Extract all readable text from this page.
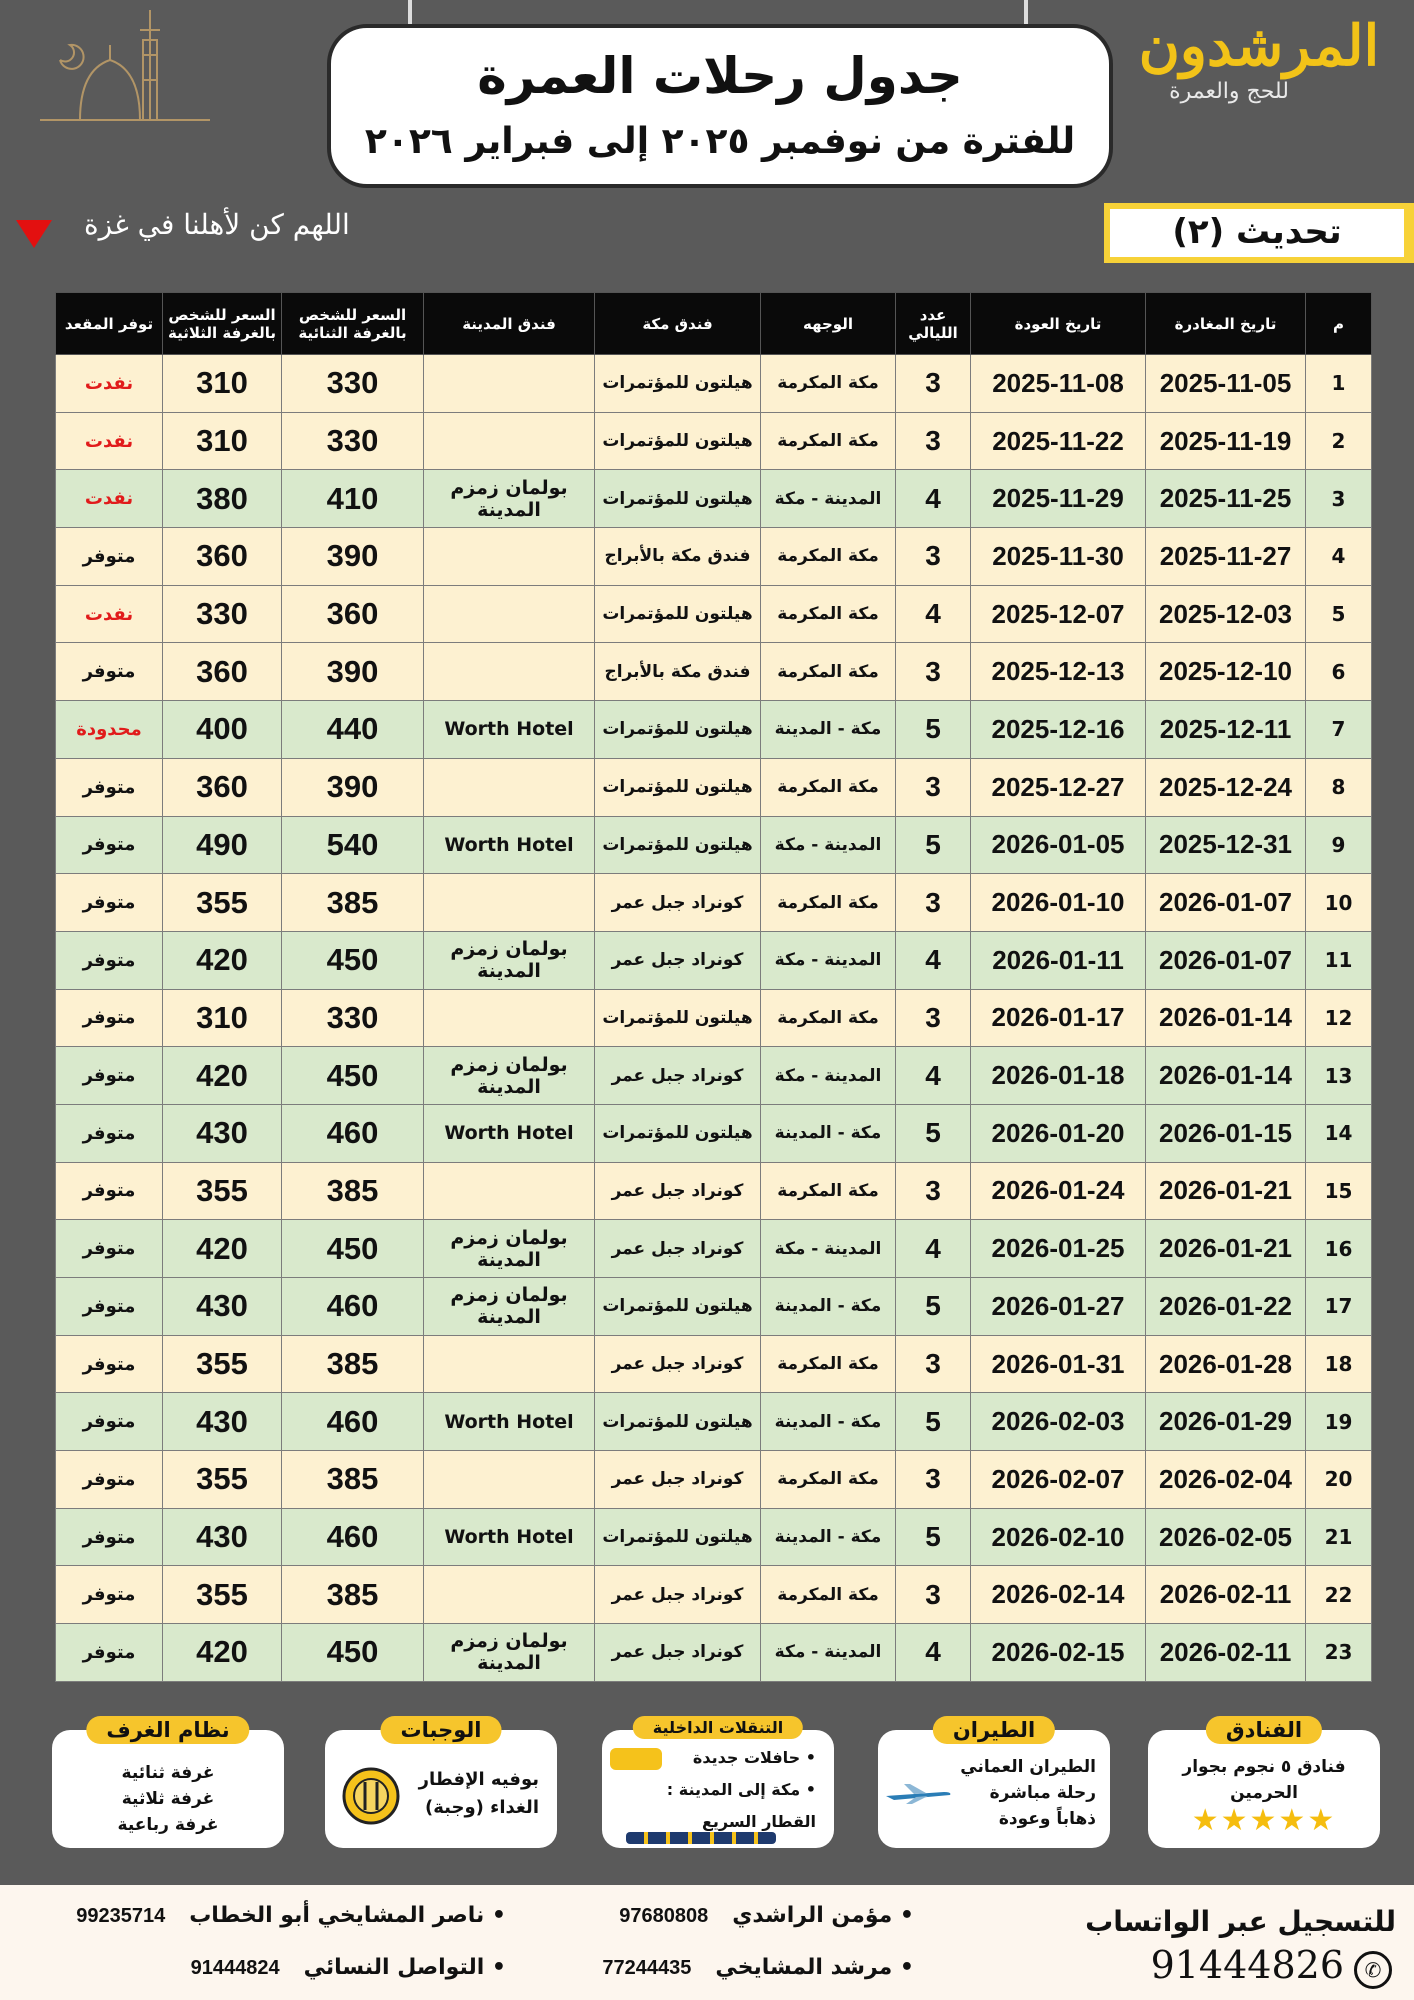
جدول رحلات العمرة
للفترة من نوفمبر ٢٠٢٥ إلى فبراير ٢٠٢٦
المرشدون
للحج والعمرة
تحديث (٢)
اللهم كن لأهلنا في غزة
م	تاريخ المغادرة	تاريخ العودة	عدد الليالي	الوجهه	فندق مكة	فندق المدينة	السعر للشخص بالغرفة الثنائية	السعر للشخص بالغرفة الثلاثية	توفر المقعد
1	2025-11-05	2025-11-08	3	مكة المكرمة	هيلتون للمؤتمرات		330	310	نفدت
2	2025-11-19	2025-11-22	3	مكة المكرمة	هيلتون للمؤتمرات		330	310	نفدت
3	2025-11-25	2025-11-29	4	المدينة - مكة	هيلتون للمؤتمرات	بولمان زمزم المدينة	410	380	نفدت
4	2025-11-27	2025-11-30	3	مكة المكرمة	فندق مكة بالأبراج		390	360	متوفر
5	2025-12-03	2025-12-07	4	مكة المكرمة	هيلتون للمؤتمرات		360	330	نفدت
6	2025-12-10	2025-12-13	3	مكة المكرمة	فندق مكة بالأبراج		390	360	متوفر
7	2025-12-11	2025-12-16	5	مكة - المدينة	هيلتون للمؤتمرات	Worth Hotel	440	400	محدودة
8	2025-12-24	2025-12-27	3	مكة المكرمة	هيلتون للمؤتمرات		390	360	متوفر
9	2025-12-31	2026-01-05	5	المدينة - مكة	هيلتون للمؤتمرات	Worth Hotel	540	490	متوفر
10	2026-01-07	2026-01-10	3	مكة المكرمة	كونراد جبل عمر		385	355	متوفر
11	2026-01-07	2026-01-11	4	المدينة - مكة	كونراد جبل عمر	بولمان زمزم المدينة	450	420	متوفر
12	2026-01-14	2026-01-17	3	مكة المكرمة	هيلتون للمؤتمرات		330	310	متوفر
13	2026-01-14	2026-01-18	4	المدينة - مكة	كونراد جبل عمر	بولمان زمزم المدينة	450	420	متوفر
14	2026-01-15	2026-01-20	5	مكة - المدينة	هيلتون للمؤتمرات	Worth Hotel	460	430	متوفر
15	2026-01-21	2026-01-24	3	مكة المكرمة	كونراد جبل عمر		385	355	متوفر
16	2026-01-21	2026-01-25	4	المدينة - مكة	كونراد جبل عمر	بولمان زمزم المدينة	450	420	متوفر
17	2026-01-22	2026-01-27	5	مكة - المدينة	هيلتون للمؤتمرات	بولمان زمزم المدينة	460	430	متوفر
18	2026-01-28	2026-01-31	3	مكة المكرمة	كونراد جبل عمر		385	355	متوفر
19	2026-01-29	2026-02-03	5	مكة - المدينة	هيلتون للمؤتمرات	Worth Hotel	460	430	متوفر
20	2026-02-04	2026-02-07	3	مكة المكرمة	كونراد جبل عمر		385	355	متوفر
21	2026-02-05	2026-02-10	5	مكة - المدينة	هيلتون للمؤتمرات	Worth Hotel	460	430	متوفر
22	2026-02-11	2026-02-14	3	مكة المكرمة	كونراد جبل عمر		385	355	متوفر
23	2026-02-11	2026-02-15	4	المدينة - مكة	كونراد جبل عمر	بولمان زمزم المدينة	450	420	متوفر
الفنادق
فنادق ٥ نجوم بجوار
الحرمين
★★★★★
الطيران
الطيران العماني
رحلة مباشرة
ذهاباً وعودة
التنقلات الداخلية
• حافلات جديدة
• مكة إلى المدينة :
القطار السريع
الوجبات
بوفيه الإفطار
الغداء (وجبة)
نظام الغرف
غرفة ثنائية
غرفة ثلاثية
غرفة رباعية
للتسجيل عبر الواتساب
✆
91444826
• مؤمن الراشدي97680808
• ناصر المشايخي أبو الخطاب99235714
• مرشد المشايخي77244435
• التواصل النسائي91444824
